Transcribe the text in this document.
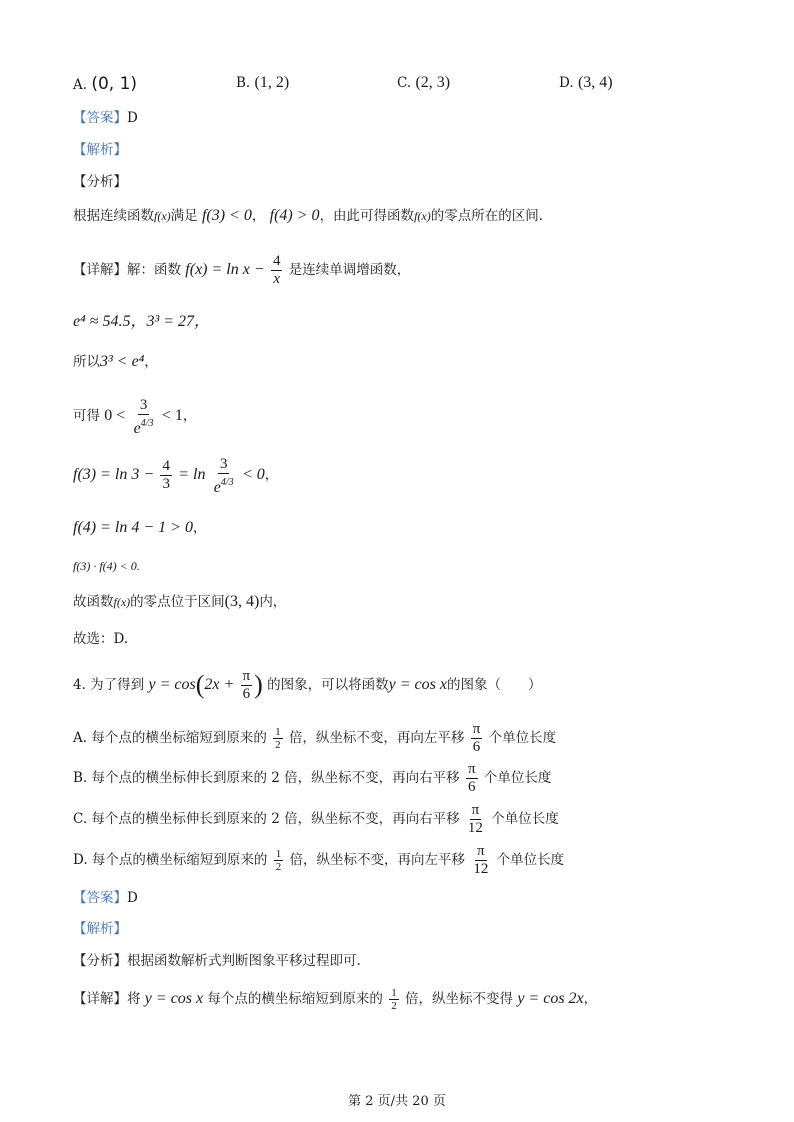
A. (0, 1)	B. (1, 2)	C. (2, 3)	D. (3, 4)
【答案】D
【解析】
【分析】
根据连续函数f(x)满足 f(3) < 0， f(4) > 0，由此可得函数f(x)的零点所在的区间.
【详解】解：函数 $f(x) = \ln x - \frac{4}{x}$ 是连续单调增函数，
e⁴ ≈ 54.5，3³ = 27，
所以3³ < e⁴，
可得 $0 < \frac{3}{e^{4/3}} < 1$，
$f(3) = \ln 3 - \frac{4}{3} = \ln \frac{3}{e^{4/3}} < 0$，
f(4) = ln 4 − 1 > 0，
f(3) · f(4) < 0.
故函数f(x)的零点位于区间(3, 4)内，
故选：D.
4. 为了得到 $y = \cos(2x + \frac{\pi}{6}$ ) 的图象，可以将函数y = cos x的图象（　　）
A. 每个点的横坐标缩短到原来的 $\frac{1}{2}$ 倍，纵坐标不变，再向左平移 $\frac{\pi}{6}$ 个单位长度
B. 每个点的横坐标伸长到原来的 2 倍，纵坐标不变，再向右平移 $\frac{\pi}{6}$ 个单位长度
C. 每个点的横坐标伸长到原来的 2 倍，纵坐标不变，再向右平移 $\frac{\pi}{12}$ 个单位长度
D. 每个点的横坐标缩短到原来的 $\frac{1}{2}$ 倍，纵坐标不变，再向左平移 $\frac{\pi}{12}$ 个单位长度
【答案】D
【解析】
【分析】根据函数解析式判断图象平移过程即可.
【详解】将 y = cos x 每个点的横坐标缩短到原来的 $\frac{1}{2}$ 倍，纵坐标不变得 y = cos 2x，
第 2 页/共 20 页
